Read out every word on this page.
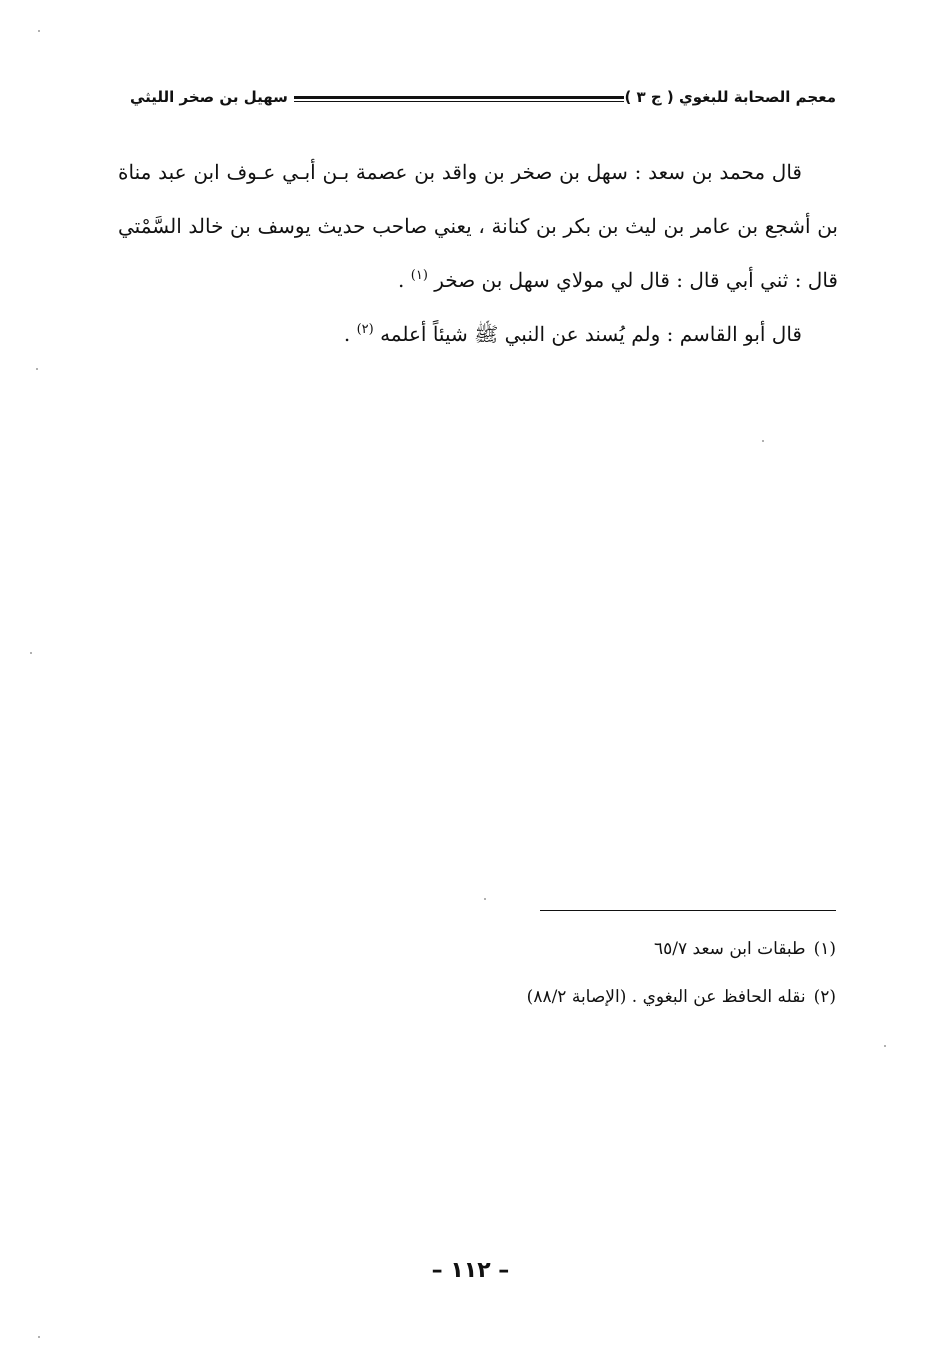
معجم الصحابة للبغوي ( ج ٣ )
سهيل بن صخر الليثي

قال محمد بن سعد : سهل بن صخر بن واقد بن عصمة بـن أبـي عـوف ابن عبد مناة بن أشجع بن عامر بن ليث بن بكر بن كنانة ، يعني صاحب حديث يوسف بن خالد السَّمْتي قال : ثني أبي قال : قال لي مولاي سهل بن صخر $^{(١)}$ .

قال أبو القاسم : ولم يُسند عن النبي ﷺ شيئاً أعلمه $^{(٢)}$ .

(١)طبقات ابن سعد ٦٥/٧

(٢)نقله الحافظ عن البغوي . (الإصابة ٨٨/٢)

– ١١٢ –
